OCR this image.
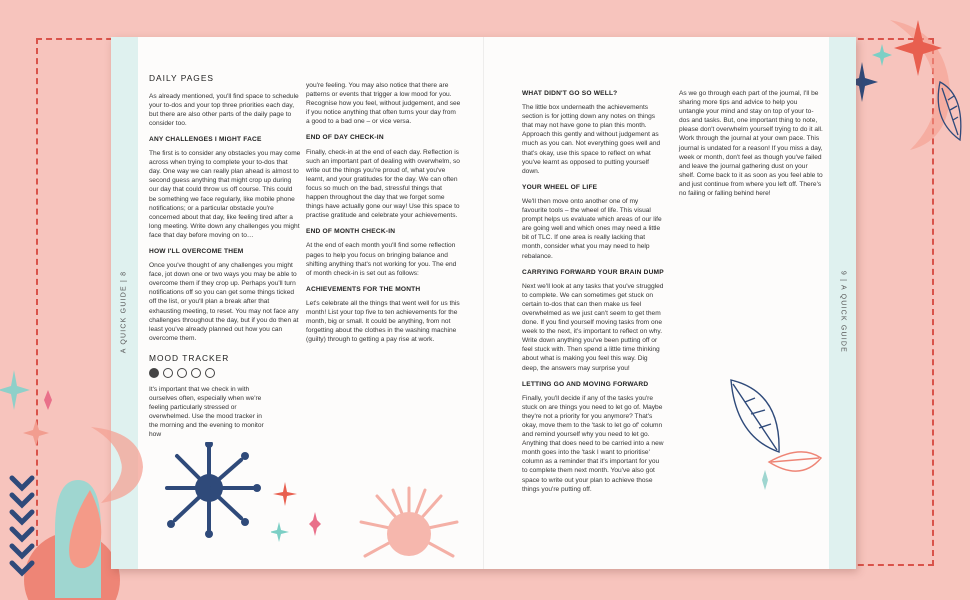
A QUICK GUIDE | 8	9 | A QUICK GUIDE
DAILY PAGES

As already mentioned, you'll find space to schedule your to-dos and your top three priorities each day, but there are also other parts of the daily page to consider too.

ANY CHALLENGES I MIGHT FACE

The first is to consider any obstacles you may come across when trying to complete your to-dos that day. One way we can really plan ahead is almost to second guess anything that might crop up during our day that could throw us off course. This could be something we face regularly, like mobile phone notifications; or a particular obstacle you're concerned about that day, like feeling tired after a long meeting. Write down any challenges you might face that day before moving on to…

HOW I'LL OVERCOME THEM

Once you've thought of any challenges you might face, jot down one or two ways you may be able to overcome them if they crop up. Perhaps you'll turn notifications off so you can get some things ticked off the list, or you'll plan a break after that exhausting meeting, to reset. You may not face any challenges throughout the day, but if you do then at least you've already planned out how you can overcome them.

MOOD TRACKER

It's important that we check in with ourselves often, especially when we're feeling particularly stressed or overwhelmed. Use the mood tracker in the morning and the evening to monitor how

you're feeling. You may also notice that there are patterns or events that trigger a low mood for you. Recognise how you feel, without judgement, and see if you notice anything that often turns your day from a good to a bad one – or vice versa.

END OF DAY CHECK-IN

Finally, check-in at the end of each day. Reflection is such an important part of dealing with overwhelm, so write out the things you're proud of, what you've learnt, and your gratitudes for the day. We can often focus so much on the bad, stressful things that happen throughout the day that we forget some things have actually gone our way! Use this space to practise gratitude and celebrate your achievements.

END OF MONTH CHECK-IN

At the end of each month you'll find some reflection pages to help you focus on bringing balance and shifting anything that's not working for you. The end of month check-in is set out as follows:

ACHIEVEMENTS FOR THE MONTH

Let's celebrate all the things that went well for us this month! List your top five to ten achievements for the month, big or small. It could be anything, from not forgetting about the clothes in the washing machine (guilty) through to getting a pay rise at work.

WHAT DIDN'T GO SO WELL?

The little box underneath the achievements section is for jotting down any notes on things that may not have gone to plan this month. Approach this gently and without judgement as much as you can. Not everything goes well and that's okay, use this space to reflect on what you've learnt as opposed to putting yourself down.

YOUR WHEEL OF LIFE

We'll then move onto another one of my favourite tools – the wheel of life. This visual prompt helps us evaluate which areas of our life are going well and which ones may need a little bit of TLC. If one area is really lacking that month, consider what you may need to help rebalance.

CARRYING FORWARD YOUR BRAIN DUMP

Next we'll look at any tasks that you've struggled to complete. We can sometimes get stuck on certain to-dos that can then make us feel overwhelmed as we just can't seem to get them done. If you find yourself moving tasks from one week to the next, it's important to reflect on why. Write down anything you've been putting off or feel stuck with. Then spend a little time thinking about what is making you feel this way. Dig deep, the answers may surprise you!

LETTING GO AND MOVING FORWARD

Finally, you'll decide if any of the tasks you're stuck on are things you need to let go of. Maybe they're not a priority for you anymore? That's okay, move them to the 'task to let go of' column and remind yourself why you need to let go. Anything that does need to be carried into a new month goes into the 'task I want to prioritise' column as a reminder that it's important for you to complete them next month. You've also got space to write out your plan to achieve those things you're putting off.

As we go through each part of the journal, I'll be sharing more tips and advice to help you untangle your mind and stay on top of your to-dos and tasks. But, one important thing to note, please don't overwhelm yourself trying to do it all. Work through the journal at your own pace. This journal is undated for a reason! If you miss a day, week or month, don't feel as though you've failed and leave the journal gathering dust on your shelf. Come back to it as soon as you feel able to and just continue from where you left off. There's no failing or falling behind here!
